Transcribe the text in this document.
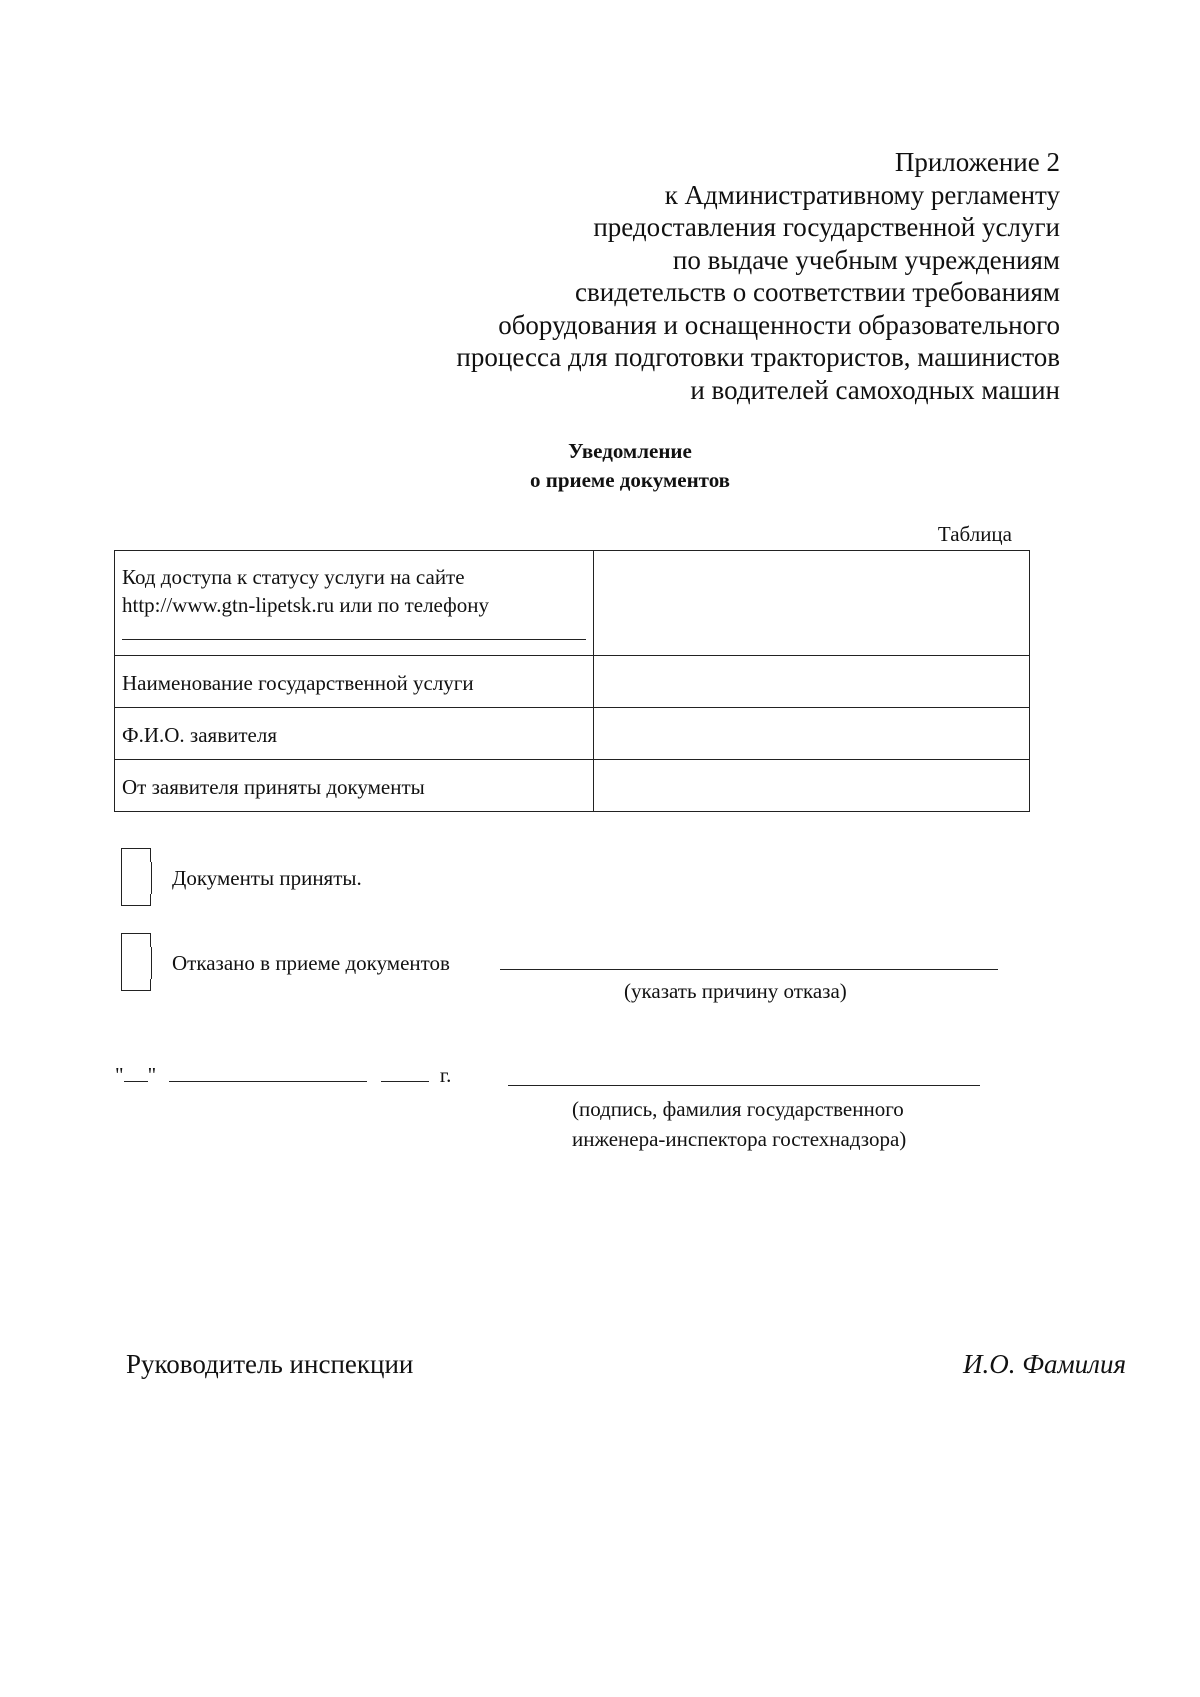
Приложение 2
к Административному регламенту
предоставления государственной услуги
по выдаче учебным учреждениям
свидетельств о соответствии требованиям
оборудования и оснащенности образовательного
процесса для подготовки трактористов, машинистов
и водителей самоходных машин
Уведомление
о приеме документов
Таблица
Код доступа к статусу услуги на сайте
http://www.gtn-lipetsk.ru или по телефону	

Наименование государственной услуги	
Ф.И.О. заявителя	
От заявителя приняты документы	
Документы приняты.
Отказано в приеме документов
(указать причину отказа)
" "	г.
(подпись, фамилия государственного
инженера-инспектора гостехнадзора)
Руководитель инспекции	И.О. Фамилия
